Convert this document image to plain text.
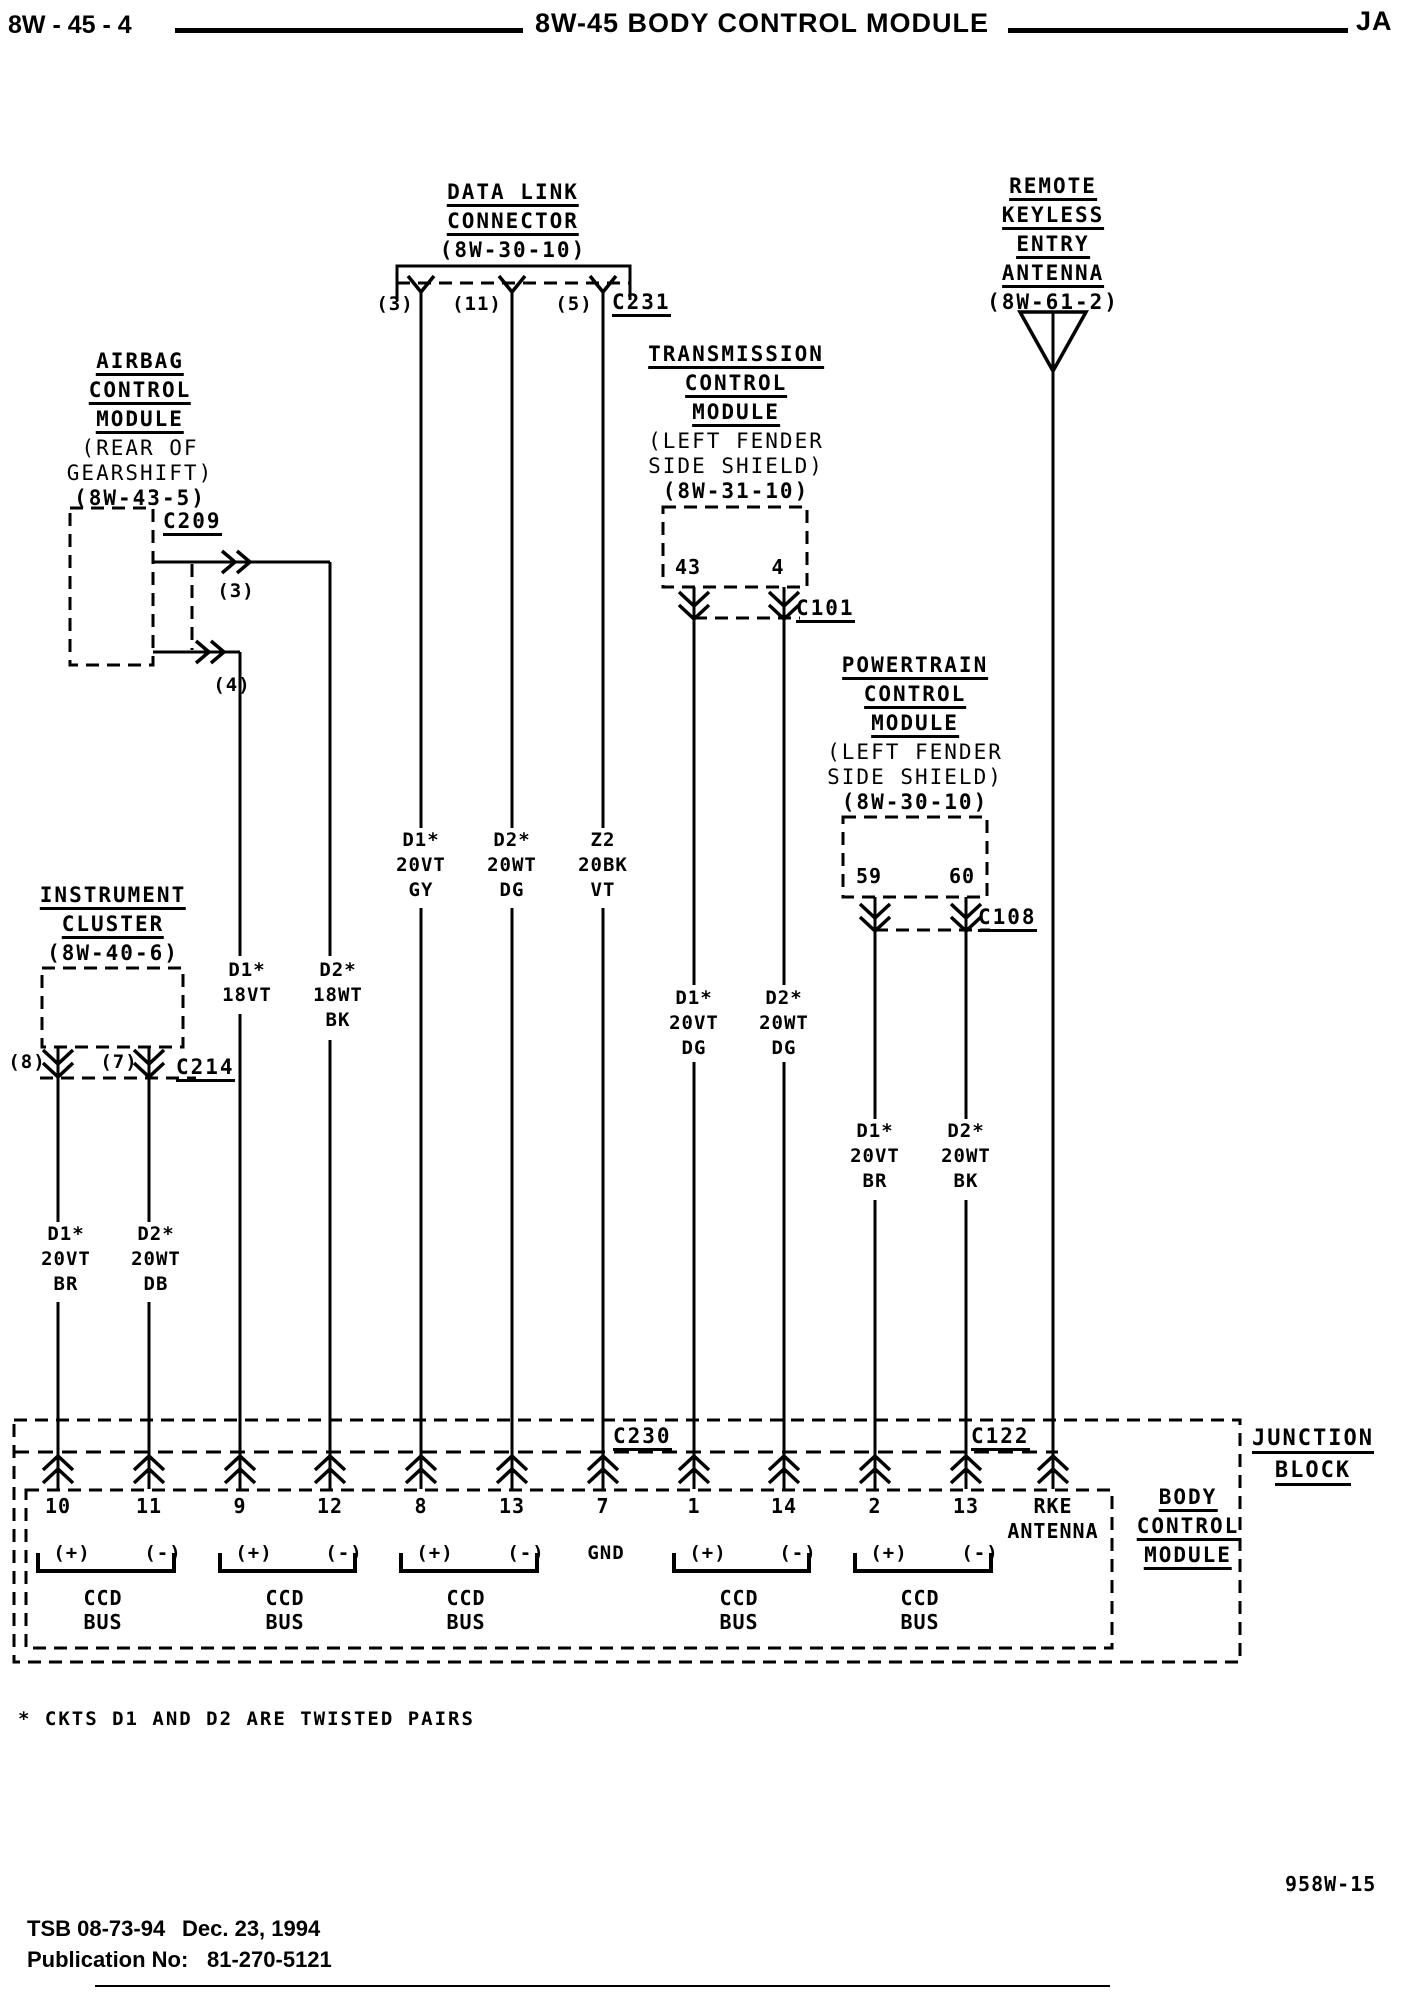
8W - 45 - 4	8W-45 BODY CONTROL MODULE	JA
DATA LINK
CONNECTOR
(8W-30-10)
(3) (11)	(5) C231
REMOTE
KEYLESS
ENTRY
ANTENNA
(8W-61-2)
AIRBAG
CONTROL
MODULE
(REAR OF
GEARSHIFT)
(8W-43-5)
C209
(3)
(4)
TRANSMISSION
CONTROL
MODULE
(LEFT FENDER
SIDE SHIELD)
(8W-31-10)
43	4
C101
POWERTRAIN
CONTROL
MODULE
(LEFT FENDER
SIDE SHIELD)
(8W-30-10)
59	60
C108
INSTRUMENT
CLUSTER
(8W-40-6)
(8)	(7) C214
D1*
20VT
GY
D2*
20WT
DG
Z2
20BK
VT
D1*
18VT
D2*
18WT
BK
D1*
20VT
DG
D2*
20WT
DG
D1*
20VT
BR
D2*
20WT
BK
D1*
20VT
BR
D2*
20WT
DB
C230	C122	JUNCTION
BLOCK
BODY
CONTROL
MODULE
10	11	9	12	8	13	7	1	14	2	13	RKE
ANTENNA
(+)	(-)	(+)	(-)	(+)	(-) GND	(+)	(-)	(+)	(-)
CCD
BUS
CCD
BUS
CCD
BUS
CCD
BUS
CCD
BUS
* CKTS D1 AND D2 ARE TWISTED PAIRS
958W-15
TSB 08-73-94 Dec. 23, 1994
Publication No: 81-270-5121
